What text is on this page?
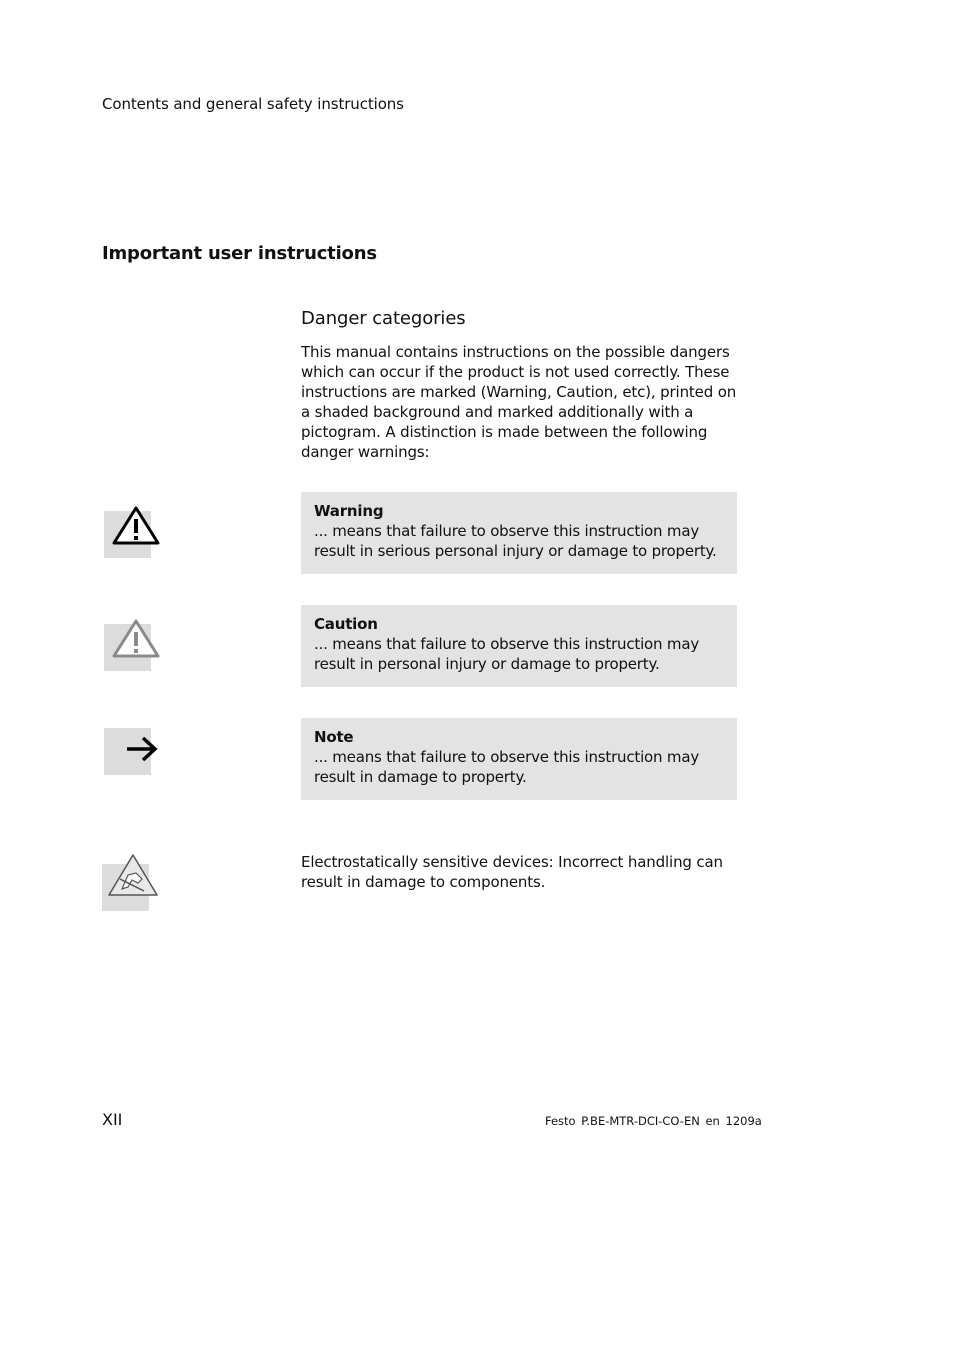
Contents and general safety instructions
Important user instructions
Danger categories
This manual contains instructions on the possible dangers which can occur if the product is not used correctly. These instructions are marked (Warning, Caution, etc), printed on a shaded background and marked additionally with a pictogram. A distinction is made between the following danger warnings:
Warning
... means that failure to observe this instruction may result in serious personal injury or damage to property.
Caution
... means that failure to observe this instruction may result in personal injury or damage to property.
Note
... means that failure to observe this instruction may result in damage to property.
Electrostatically sensitive devices: Incorrect handling can result in damage to components.
XII	Festo P.BE-MTR-DCI-CO-EN en 1209a
